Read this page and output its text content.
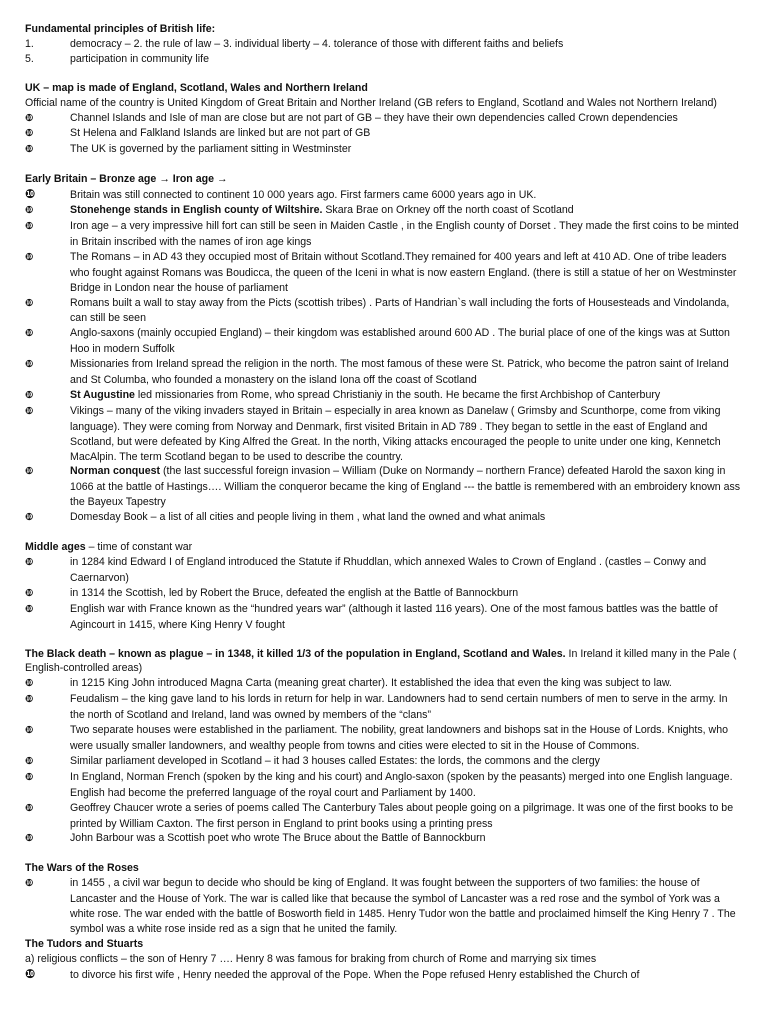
Fundamental principles of British life:
1.	democracy – 2. the rule of law – 3. individual liberty – 4. tolerance of those with different faiths and beliefs
5.	participation in community life
UK – map is made of England, Scotland, Wales and Northern Ireland
Official name of the country is United Kingdom of Great Britain and Norther Ireland (GB refers to England, Scotland and Wales not Northern Ireland)
❿	Channel Islands and Isle of man are close but are not part of GB – they have their own dependencies called Crown dependencies
❿	St Helena and Falkland Islands are linked but are not part of GB
❿	The UK is governed by the parliament sitting in Westminster
Early Britain – Bronze age → Iron age →
❿	Britain was still connected to continent 10 000 years ago. First farmers came 6000 years ago in UK.
❿	Stonehenge stands in English county of Wiltshire. Skara Brae on Orkney off the north coast of Scotland
❿	Iron age – a very impressive hill fort can still be seen in Maiden Castle , in the English county of Dorset . They made the first coins to be minted in Britain inscribed with the names of iron age kings
❿	The Romans – in AD 43 they occupied most of Britain without Scotland.They remained for 400 years and left at 410 AD. One of tribe leaders who fought against Romans was Boudicca, the queen of the Iceni in what is now eastern England. (there is still a statue of her on Westminster Bridge in London near the house of parliament
❿	Romans built a wall to stay away from the Picts (scottish tribes) . Parts of Handrian`s wall including the forts of Housesteads and Vindolanda, can still be seen
❿	Anglo-saxons (mainly occupied England) – their kingdom was established around 600 AD . The burial place of one of the kings was at Sutton Hoo in modern Suffolk
❿	Missionaries from Ireland spread the religion in the north. The most famous of these were St. Patrick, who become the patron saint of Ireland and St Columba, who founded a monastery on the island Iona off the coast of Scotland
❿	St Augustine led missionaries from Rome, who spread Christianiy in the south. He became the first Archbishop of Canterbury
❿	Vikings – many of the viking invaders stayed in Britain – especially in area known as Danelaw ( Grimsby and Scunthorpe, come from viking language). They were coming from Norway and Denmark, first visited Britain in AD 789 . They began to settle in the east of England and Scotland, but were defeated by King Alfred the Great. In the north, Viking attacks encouraged the people to unite under one king, Kennetch MacAlpin. The term Scotland began to be used to describe the country.
❿	Norman conquest (the last successful foreign invasion – William (Duke on Normandy – northern France) defeated Harold the saxon king in 1066 at the battle of Hastings…. William the conqueror became the king of England --- the battle is remembered with an embroidery known ass the Bayeux Tapestry
❿	Domesday Book – a list of all cities and people living in them , what land the owned and what animals
Middle ages – time of constant war
❿	in 1284 kind Edward I of England introduced the Statute if Rhuddlan, which annexed Wales to Crown of England . (castles – Conwy and Caernarvon)
❿	in 1314 the Scottish, led by Robert the Bruce, defeated the english at the Battle of Bannockburn
❿	English war with France known as the “hundred years war” (although it lasted 116 years). One of the most famous battles was the battle of Agincourt in 1415, where King Henry V fought
The Black death – known as plague – in 1348, it killed 1/3 of the population in England, Scotland and Wales. In Ireland it killed many in the Pale ( English-controlled areas)
❿	in 1215 King John introduced Magna Carta (meaning great charter). It established the idea that even the king was subject to law.
❿	Feudalism – the king gave land to his lords in return for help in war. Landowners had to send certain numbers of men to serve in the army. In the north of Scotland and Ireland, land was owned by members of the “clans”
❿	Two separate houses were established in the parliament. The nobility, great landowners and bishops sat in the House of Lords. Knights, who were usually smaller landowners, and wealthy people from towns and cities were elected to sit in the House of Commons.
❿	Similar parliament developed in Scotland – it had 3 houses called Estates: the lords, the commons and the clergy
❿	In England, Norman French (spoken by the king and his court) and Anglo-saxon (spoken by the peasants) merged into one English language. English had become the preferred language of the royal court and Parliament by 1400.
❿	Geoffrey Chaucer wrote a series of poems called The Canterbury Tales about people going on a pilgrimage. It was one of the first books to be printed by William Caxton. The first person in England to print books using a printing press
❿	John Barbour was a Scottish poet who wrote The Bruce about the Battle of Bannockburn
The Wars of the Roses
❿	in 1455 , a civil war begun to decide who should be king of England. It was fought between the supporters of two families: the house of Lancaster and the House of York. The war is called like that because the symbol of Lancaster was a red rose and the symbol of York was a white rose. The war ended with the battle of Bosworth field in 1485. Henry Tudor won the battle and proclaimed himself the King Henry 7 . The symbol was a white rose inside red as a sign that he united the family.
The Tudors and Stuarts
a) religious conflicts – the son of Henry 7 …. Henry 8 was famous for braking from church of Rome and marrying six times
❿	to divorce his first wife , Henry needed the approval of the Pope. When the Pope refused Henry established the Church of
